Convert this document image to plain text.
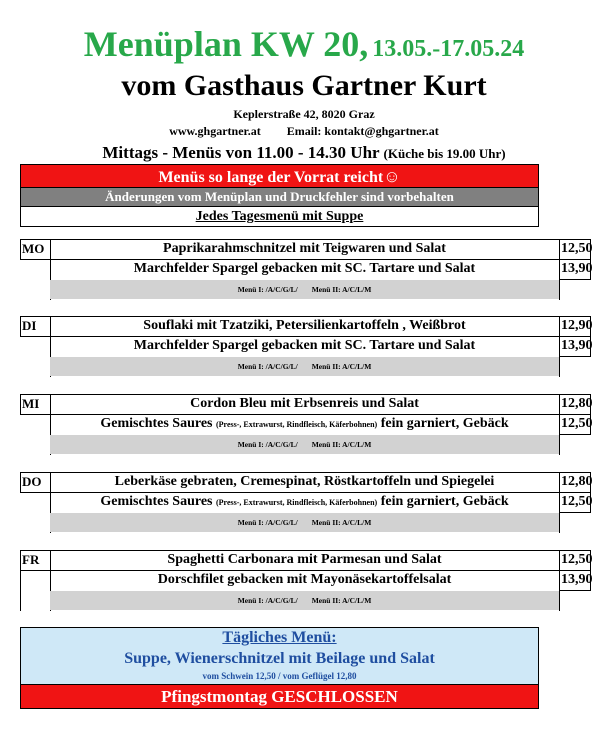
Menüplan KW 20, 13.05.-17.05.24
vom Gasthaus Gartner Kurt
Keplerstraße 42, 8020 Graz
www.ghgartner.at Email: kontakt@ghgartner.at
Mittags - Menüs von 11.00 - 14.30 Uhr (Küche bis 19.00 Uhr)
Menüs so lange der Vorrat reicht☺
Änderungen vom Menüplan und Druckfehler sind vorbehalten
Jedes Tagesmenü mit Suppe
MO	Paprikarahmschnitzel mit Teigwaren und Salat	12,50
Marchfelder Spargel gebacken mit SC. Tartare und Salat	13,90
Menü I: /A/C/G/L/ Menü II: A/C/L/M
DI	Souflaki mit Tzatziki, Petersilienkartoffeln , Weißbrot	12,90
Marchfelder Spargel gebacken mit SC. Tartare und Salat	13,90
Menü I: /A/C/G/L/ Menü II: A/C/L/M
MI	Cordon Bleu mit Erbsenreis und Salat	12,80
Gemischtes Saures (Press-, Extrawurst, Rindfleisch, Käferbohnen) fein garniert, Gebäck	12,50
Menü I: /A/C/G/L/ Menü II: A/C/L/M
DO	Leberkäse gebraten, Cremespinat, Röstkartoffeln und Spiegelei	12,80
Gemischtes Saures (Press-, Extrawurst, Rindfleisch, Käferbohnen) fein garniert, Gebäck	12,50
Menü I: /A/C/G/L/ Menü II: A/C/L/M
FR	Spaghetti Carbonara mit Parmesan und Salat	12,50
Dorschfilet gebacken mit Mayonäsekartoffelsalat	13,90
Menü I: /A/C/G/L/ Menü II: A/C/L/M
Tägliches Menü:
Suppe, Wienerschnitzel mit Beilage und Salat
vom Schwein 12,50 / vom Geflügel 12,80
Pfingstmontag GESCHLOSSEN
